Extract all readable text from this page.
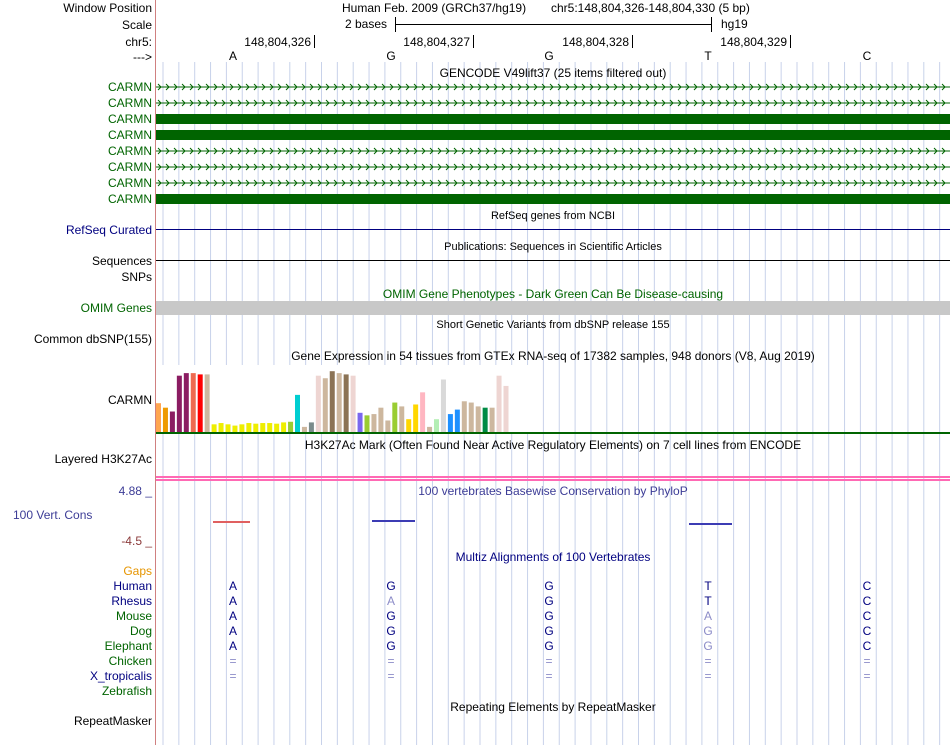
Window Position	Human Feb. 2009 (GRCh37/hg19) chr5:148,804,326-148,804,330 (5 bp)
Scale	2 bases	hg19
chr5:	148,804,326	148,804,327	148,804,328	148,804,329
--->	A	G	G	T	C
GENCODE V49lift37 (25 items filtered out)
CARMN
CARMN
CARMN
CARMN
CARMN
CARMN
CARMN
CARMN
RefSeq genes from NCBI
RefSeq Curated
Publications: Sequences in Scientific Articles
Sequences
SNPs
OMIM Gene Phenotypes - Dark Green Can Be Disease-causing
OMIM Genes
Short Genetic Variants from dbSNP release 155
Common dbSNP(155)
Gene Expression in 54 tissues from GTEx RNA-seq of 17382 samples, 948 donors (V8, Aug 2019)
CARMN
H3K27Ac Mark (Often Found Near Active Regulatory Elements) on 7 cell lines from ENCODE
Layered H3K27Ac
100 vertebrates Basewise Conservation by PhyloP
4.88 _
100 Vert. Cons
-4.5 _
Multiz Alignments of 100 Vertebrates
Gaps
Human	A	G	G	T	C
Rhesus	A	A	G	T	C
Mouse	A	G	G	A	C
Dog	A	G	G	G	C
Elephant	A	G	G	G	C
Chicken	=	=	=	=	=
X_tropicalis	=	=	=	=	=
Zebrafish
Repeating Elements by RepeatMasker
RepeatMasker
